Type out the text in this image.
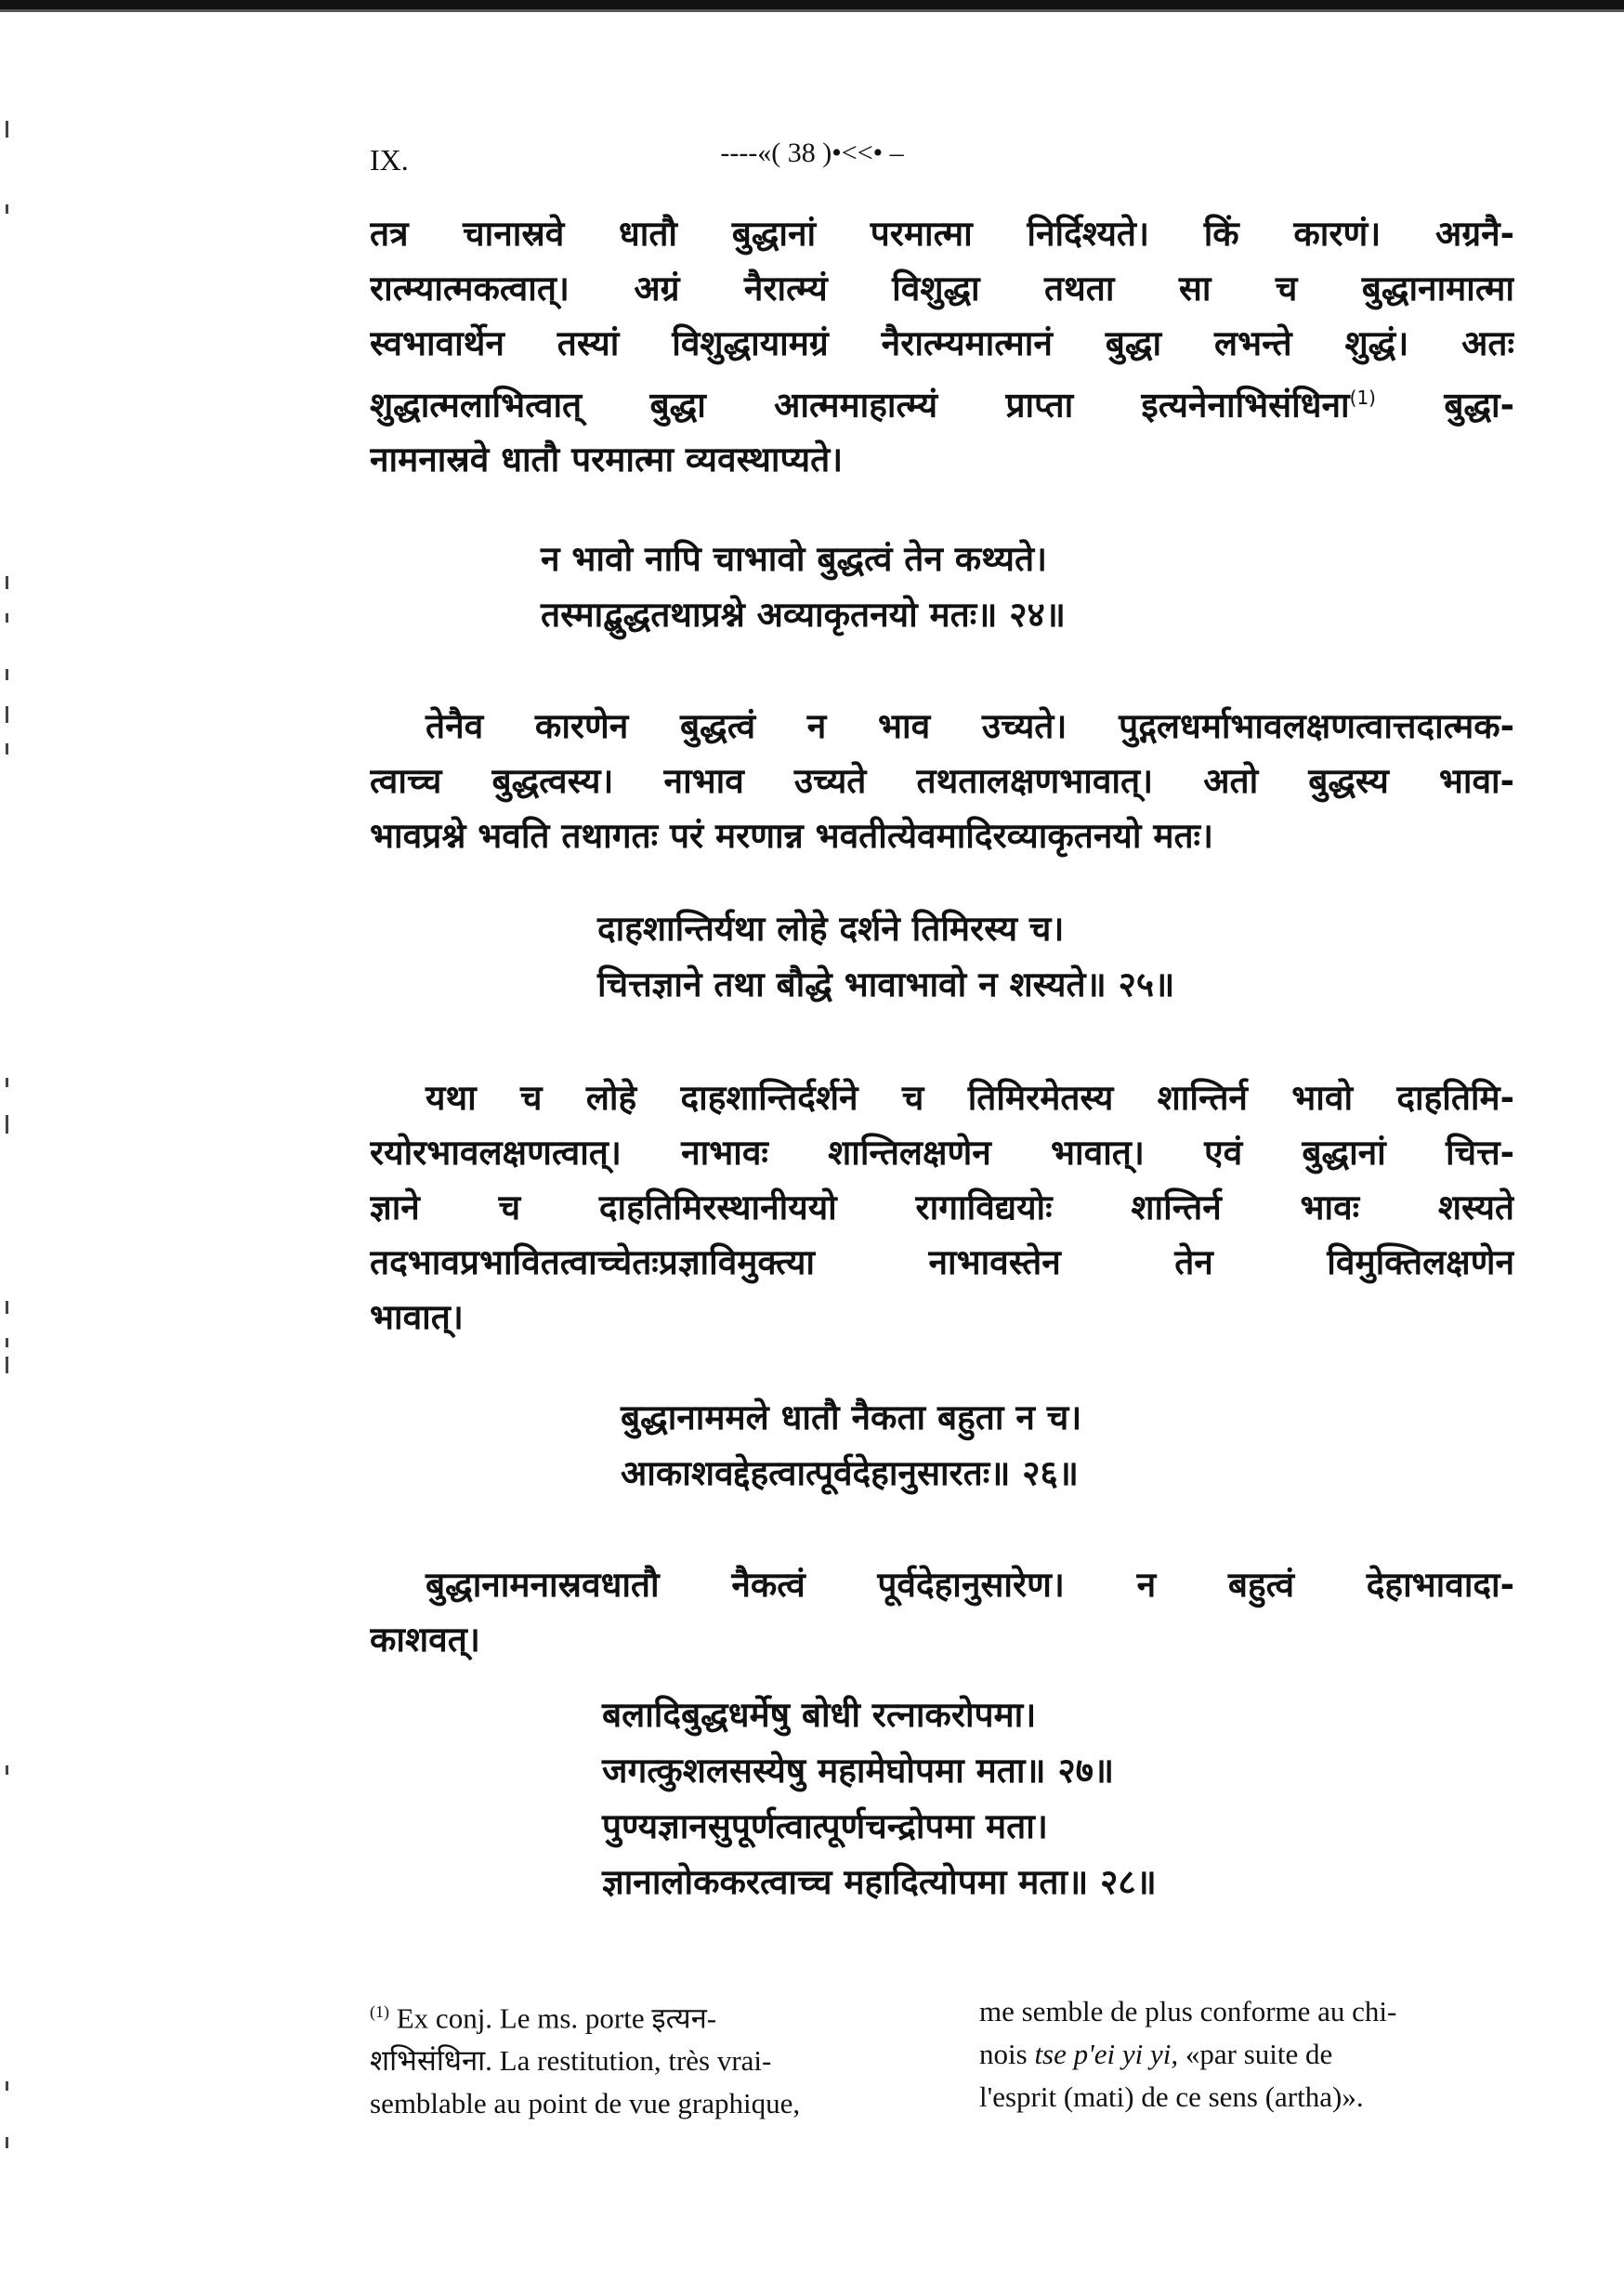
IX.	----«( 38 )•<<• –
तत्र चानास्रवे धातौ बुद्धानां परमात्मा निर्दिश्यते। किं कारणं। अग्रनै-
रात्म्यात्मकत्वात्। अग्रं नैरात्म्यं विशुद्धा तथता सा च बुद्धानामात्मा
स्वभावार्थेन तस्यां विशुद्धायामग्रं नैरात्म्यमात्मानं बुद्धा लभन्ते शुद्धं। अतः
शुद्धात्मलाभित्वात् बुद्धा आत्ममाहात्म्यं प्राप्ता इत्यनेनाभिसंधिना$^{(1)}$ बुद्धा-
नामनास्रवे धातौ परमात्मा व्यवस्थाप्यते।
न भावो नापि चाभावो बुद्धत्वं तेन कथ्यते।
तस्माद्बुद्धतथाप्रश्ने अव्याकृतनयो मतः॥ २४॥
तेनैव कारणेन बुद्धत्वं न भाव उच्यते। पुद्गलधर्माभावलक्षणत्वात्तदात्मक-
त्वाच्च बुद्धत्वस्य। नाभाव उच्यते तथतालक्षणभावात्। अतो बुद्धस्य भावा-
भावप्रश्ने भवति तथागतः परं मरणान्न भवतीत्येवमादिरव्याकृतनयो मतः।
दाहशान्तिर्यथा लोहे दर्शने तिमिरस्य च।
चित्तज्ञाने तथा बौद्धे भावाभावो न शस्यते॥ २५॥
यथा च लोहे दाहशान्तिर्दर्शने च तिमिरमेतस्य शान्तिर्न भावो दाहतिमि-
रयोरभावलक्षणत्वात्। नाभावः शान्तिलक्षणेन भावात्। एवं बुद्धानां चित्त-
ज्ञाने च दाहतिमिरस्थानीययो रागाविद्ययोः शान्तिर्न भावः शस्यते
तदभावप्रभावितत्वाच्चेतःप्रज्ञाविमुक्त्या नाभावस्तेन तेन विमुक्तिलक्षणेन
भावात्।
बुद्धानाममले धातौ नैकता बहुता न च।
आकाशवद्देहत्वात्पूर्वदेहानुसारतः॥ २६॥
बुद्धानामनास्रवधातौ नैकत्वं पूर्वदेहानुसारेण। न बहुत्वं देहाभावादा-
काशवत्।
बलादिबुद्धधर्मेषु बोधी रत्नाकरोपमा।
जगत्कुशलसस्येषु महामेघोपमा मता॥ २७॥
पुण्यज्ञानसुपूर्णत्वात्पूर्णचन्द्रोपमा मता।
ज्ञानालोककरत्वाच्च महादित्योपमा मता॥ २८॥
$^{(1)}$ Ex conj. Le ms. porte इत्यन-
शभिसंधिना. La restitution, très vrai-
semblable au point de vue graphique,
me semble de plus conforme au chi-
nois tse p'ei yi yi, «par suite de
l'esprit (mati) de ce sens (artha)».
